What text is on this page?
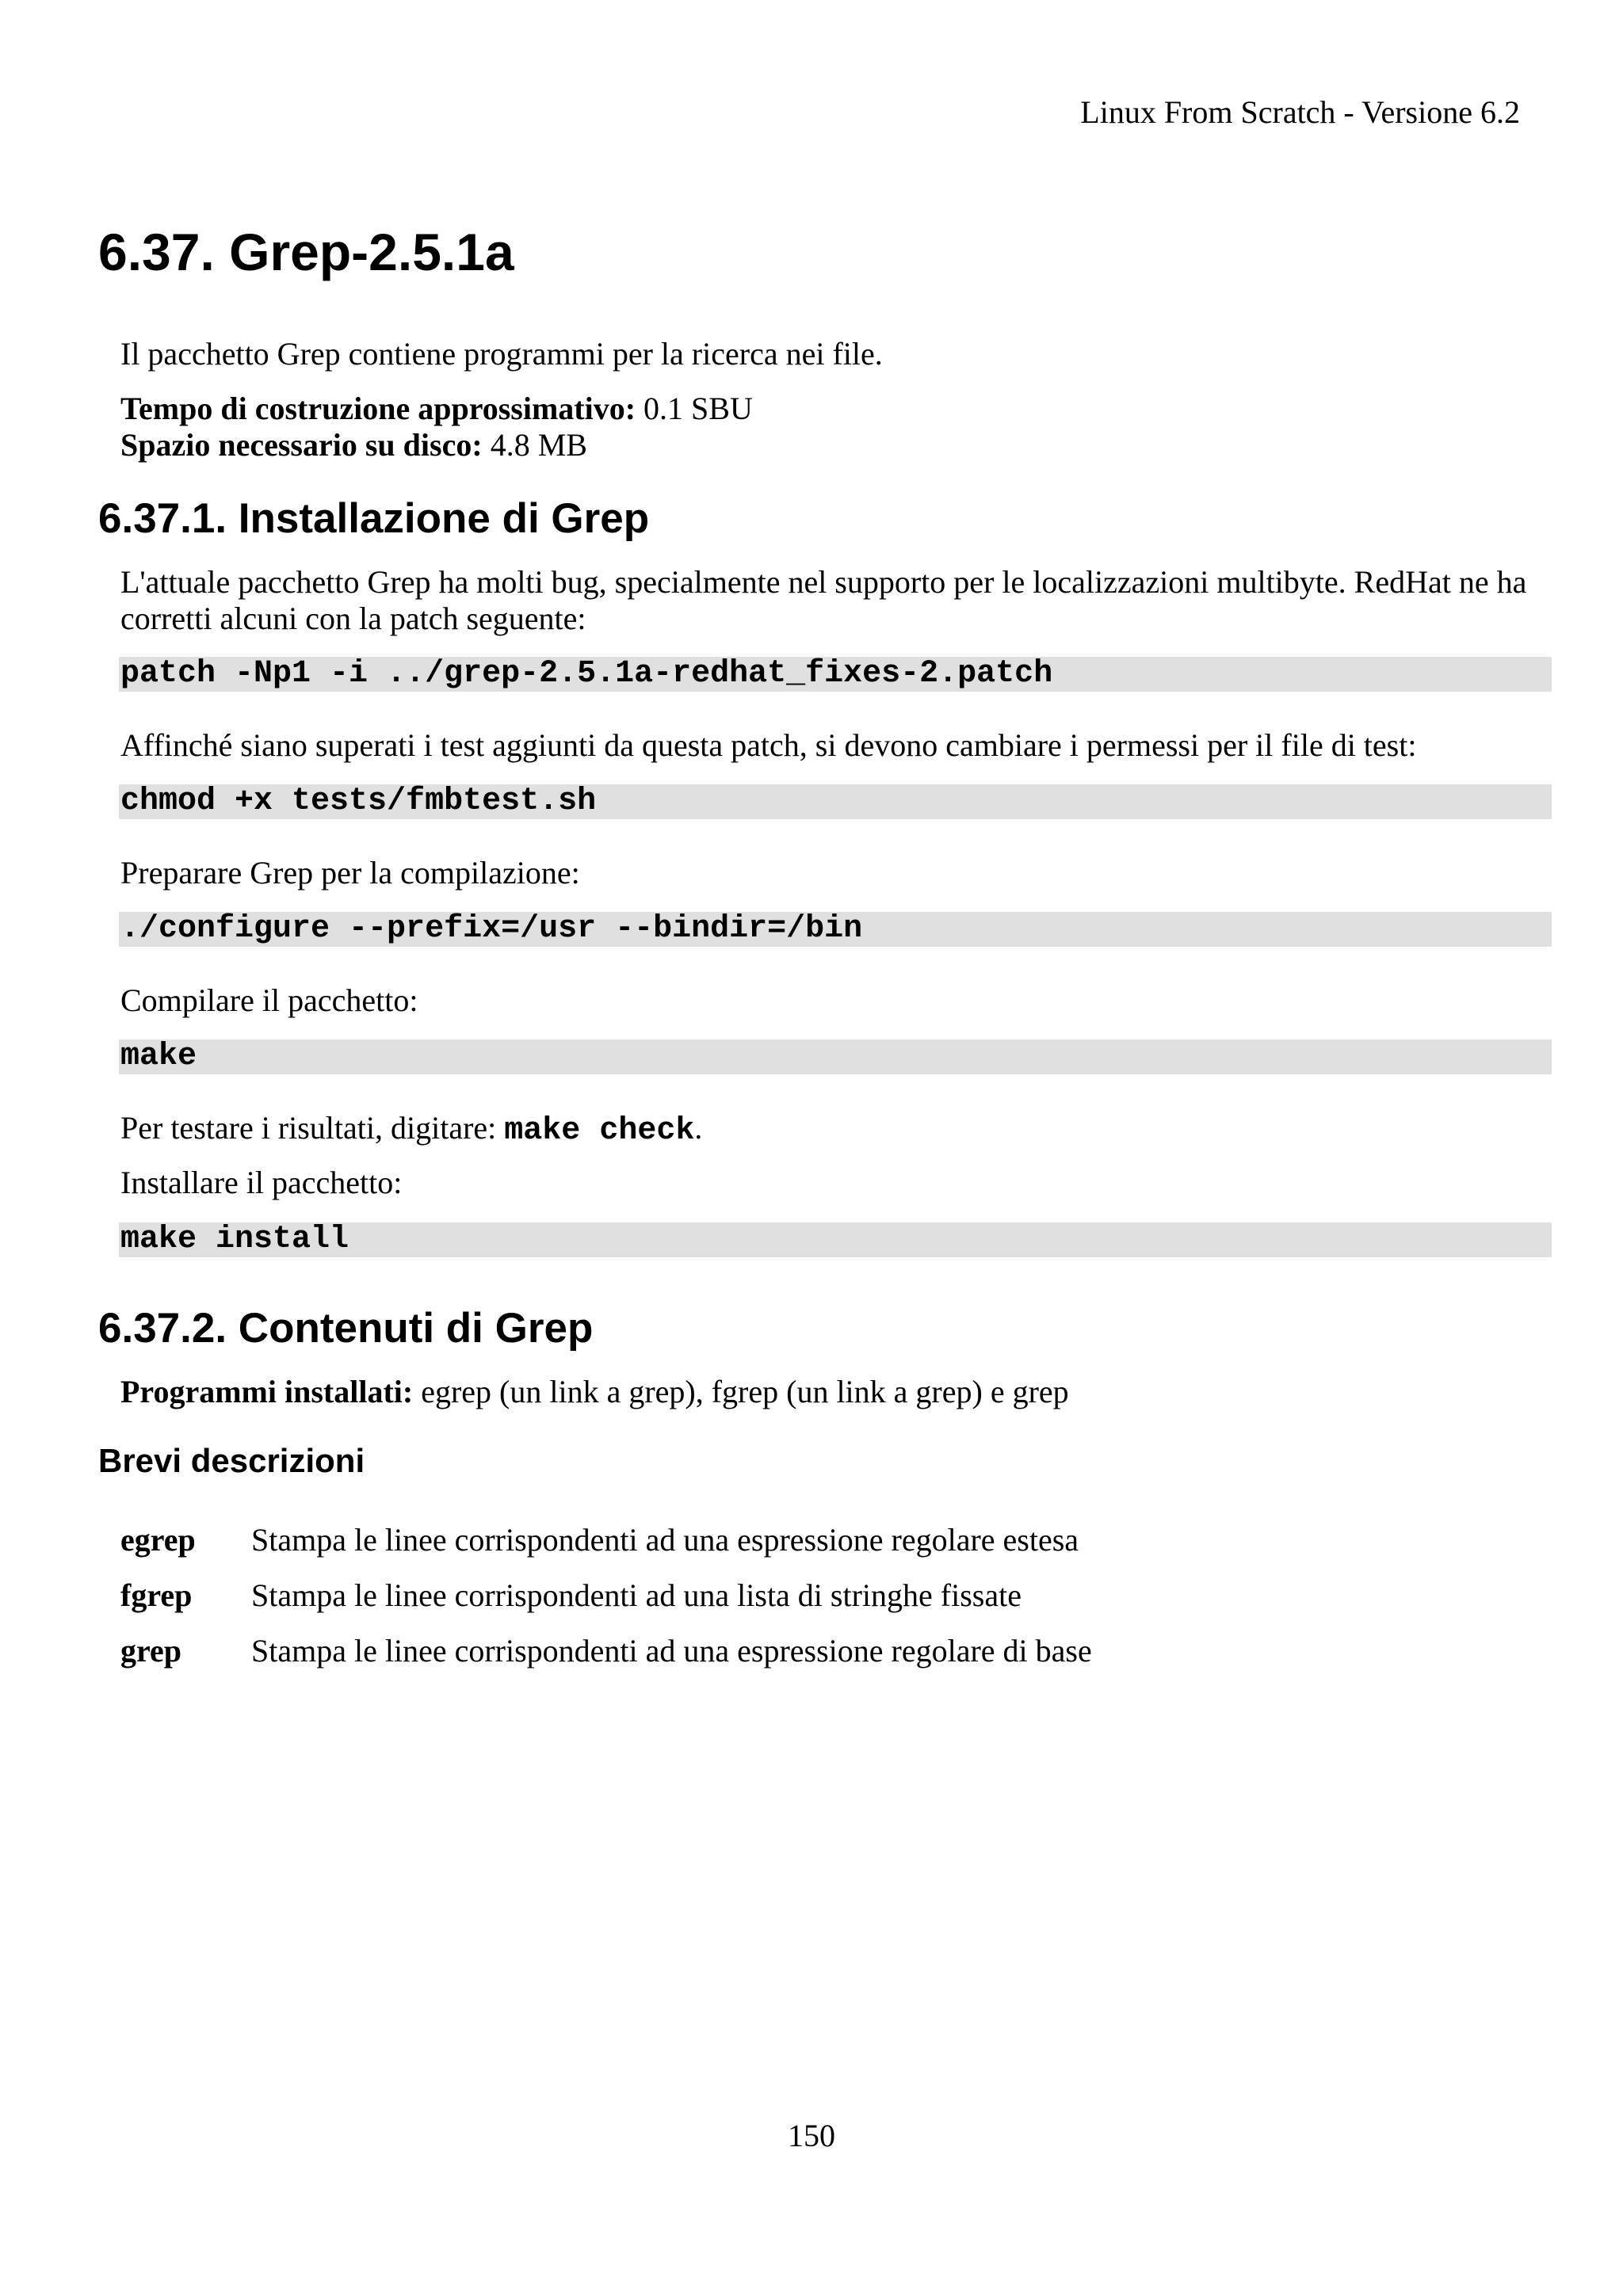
Linux From Scratch - Versione 6.2
6.37. Grep-2.5.1a

Il pacchetto Grep contiene programmi per la ricerca nei file.

Tempo di costruzione approssimativo: 0.1 SBU

Spazio necessario su disco: 4.8 MB

6.37.1. Installazione di Grep

L'attuale pacchetto Grep ha molti bug, specialmente nel supporto per le localizzazioni multibyte. RedHat ne ha corretti alcuni con la patch seguente:

patch -Np1 -i ../grep-2.5.1a-redhat_fixes-2.patch

Affinché siano superati i test aggiunti da questa patch, si devono cambiare i permessi per il file di test:

chmod +x tests/fmbtest.sh

Preparare Grep per la compilazione:

./configure --prefix=/usr --bindir=/bin

Compilare il pacchetto:

make

Per testare i risultati, digitare: make check.

Installare il pacchetto:

make install
6.37.2. Contenuti di Grep

Programmi installati: egrep (un link a grep), fgrep (un link a grep) e grep

Brevi descrizioni
egrep Stampa le linee corrispondenti ad una espressione regolare estesa
fgrep Stampa le linee corrispondenti ad una lista di stringhe fissate
grep Stampa le linee corrispondenti ad una espressione regolare di base
150
